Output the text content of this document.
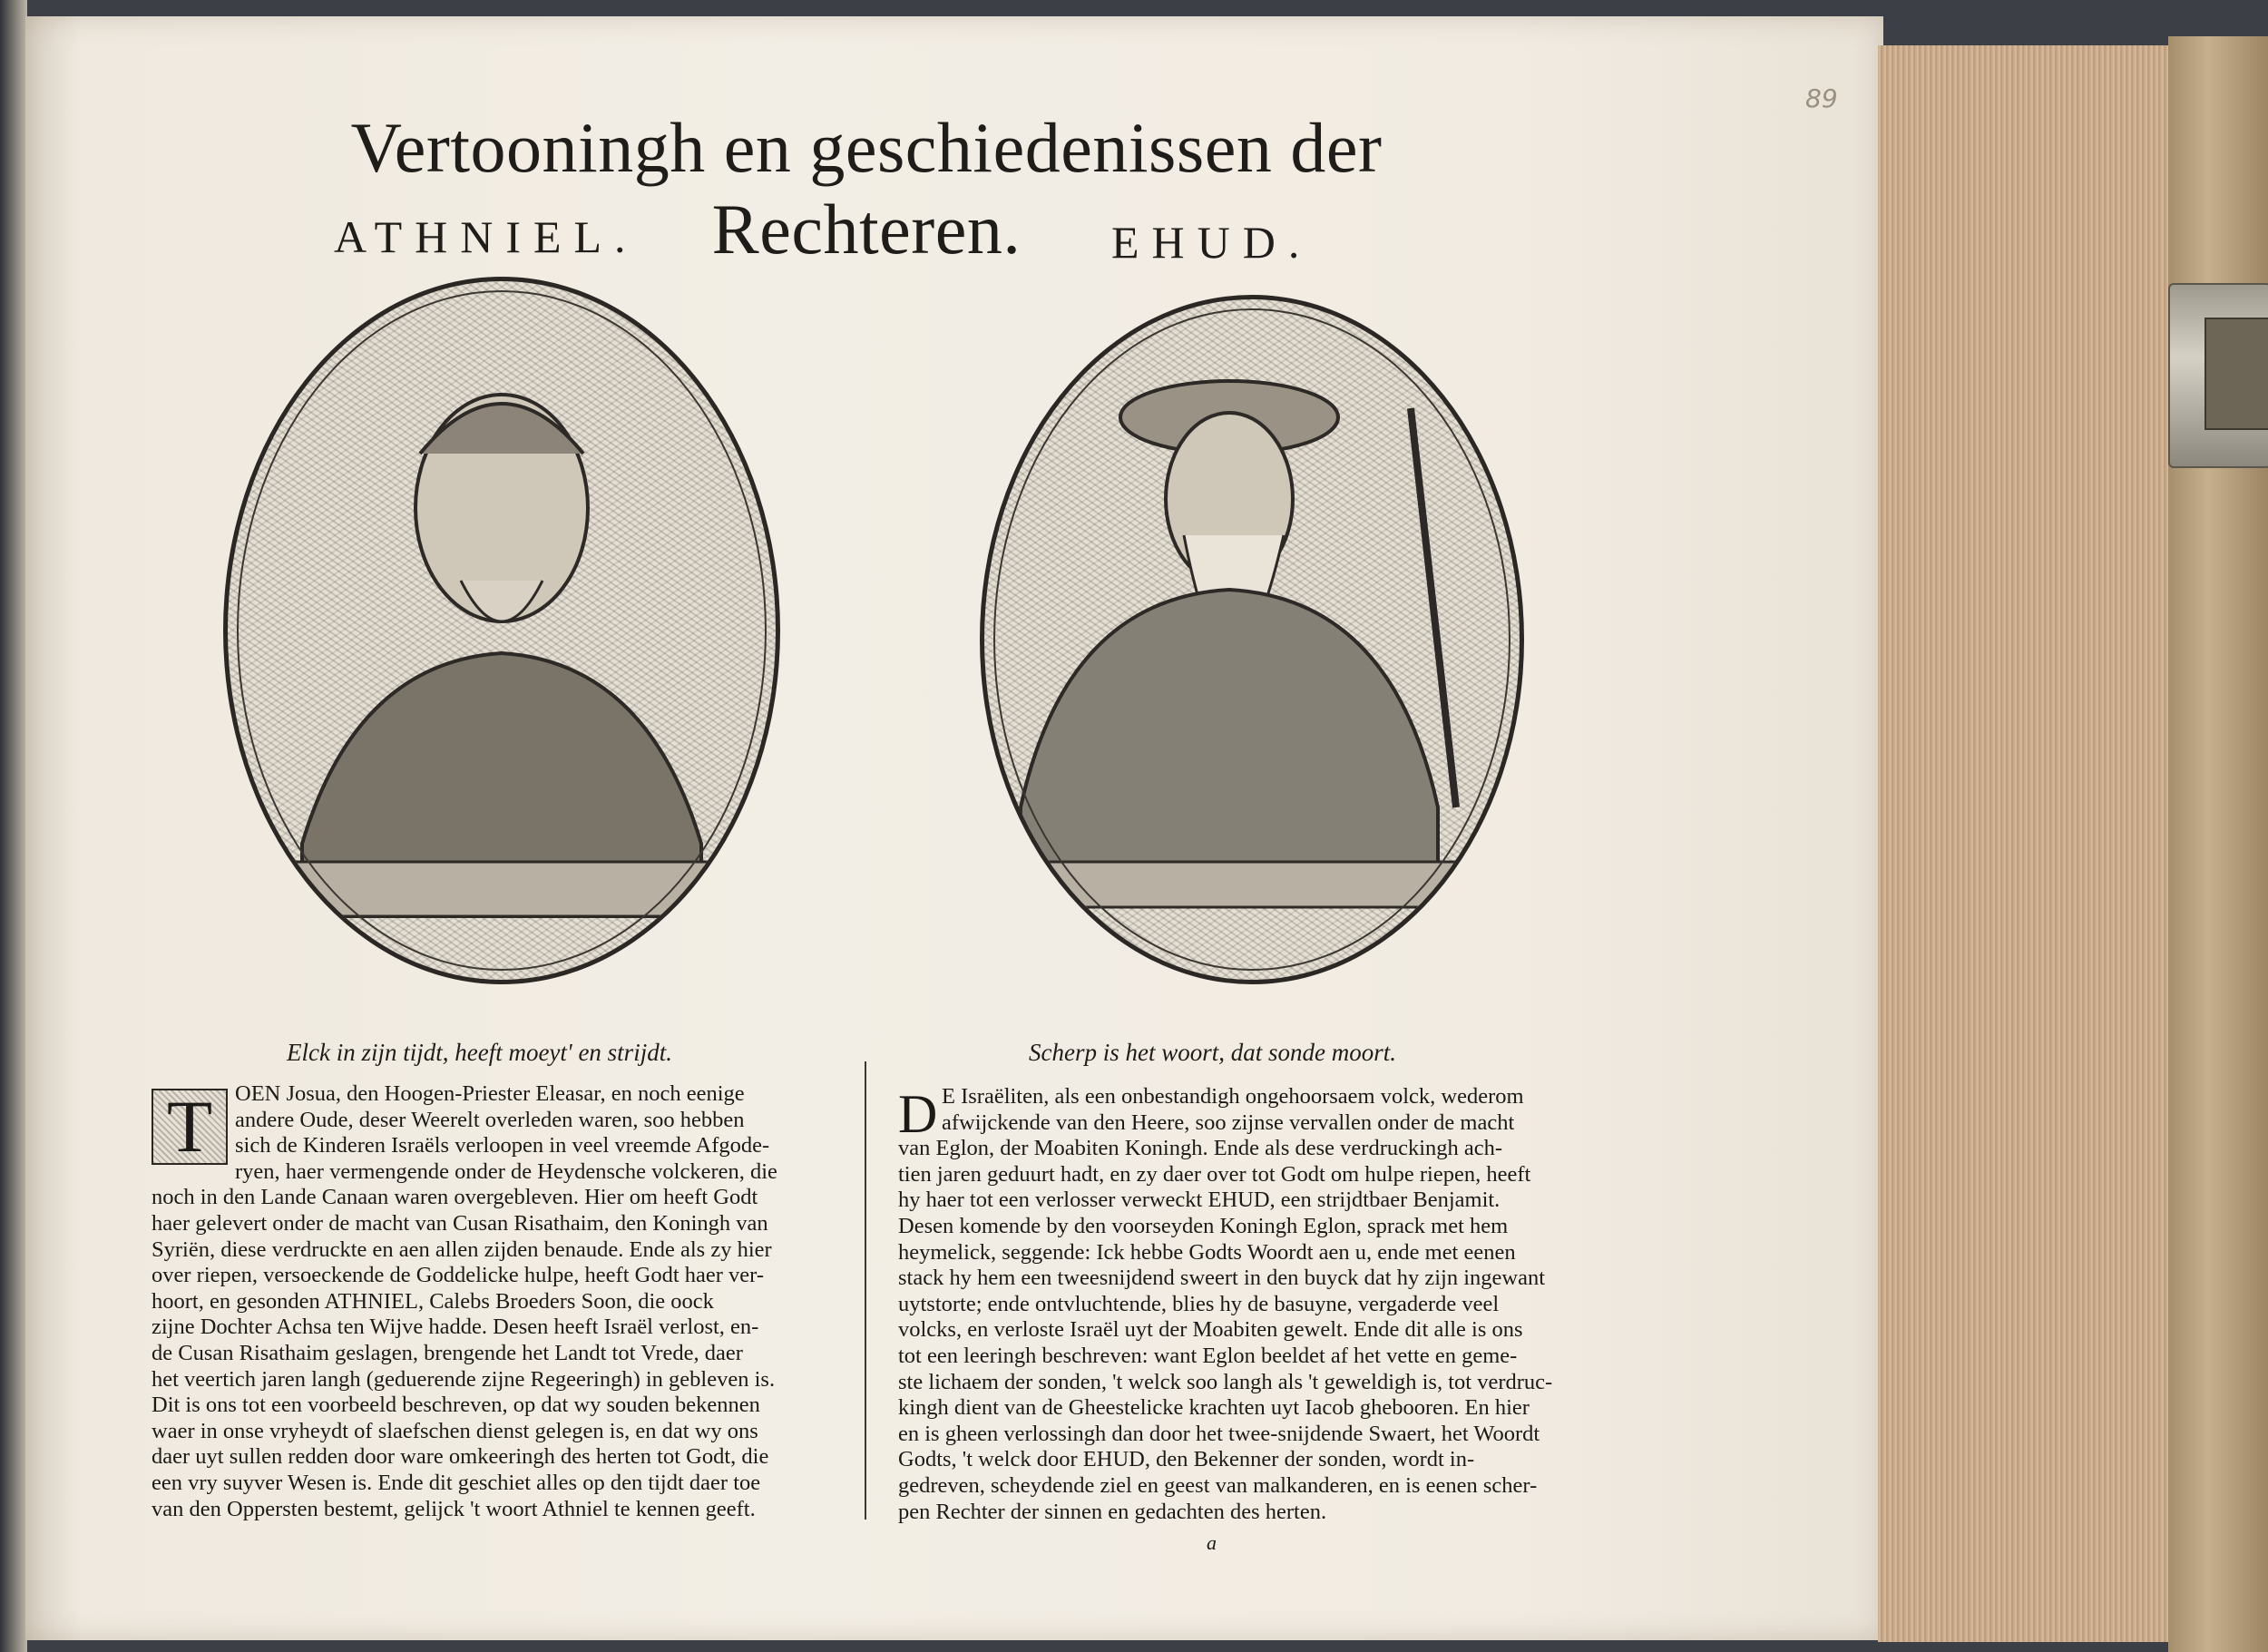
89
Vertooningh en geschiedenissen der Rechteren.
ATHNIEL.	EHUD.
Elck in zijn tijdt, heeft moeyt' en strijdt.	Scherp is het woort, dat sonde moort.
T	OEN Josua, den Hoogen-Priester Eleasar, en noch eenige
andere Oude, deser Weerelt overleden waren, soo hebben
sich de Kinderen Israëls verloopen in veel vreemde Afgode-
ryen, haer vermengende onder de Heydensche volckeren, die
noch in den Lande Canaan waren overgebleven. Hier om heeft Godt
haer gelevert onder de macht van Cusan Risathaim, den Koningh van
Syriën, diese verdruckte en aen allen zijden benaude. Ende als zy hier
over riepen, versoeckende de Goddelicke hulpe, heeft Godt haer ver-
hoort, en gesonden ATHNIEL, Calebs Broeders Soon, die oock
zijne Dochter Achsa ten Wijve hadde. Desen heeft Israël verlost, en-
de Cusan Risathaim geslagen, brengende het Landt tot Vrede, daer
het veertich jaren langh (geduerende zijne Regeeringh) in gebleven is.
Dit is ons tot een voorbeeld beschreven, op dat wy souden bekennen
waer in onse vryheydt of slaefschen dienst gelegen is, en dat wy ons
daer uyt sullen redden door ware omkeeringh des herten tot Godt, die
een vry suyver Wesen is. Ende dit geschiet alles op den tijdt daer toe
van den Oppersten bestemt, gelijck 't woort Athniel te kennen geeft.
D E Israëliten, als een onbestandigh ongehoorsaem volck, wederom
afwijckende van den Heere, soo zijnse vervallen onder de macht
van Eglon, der Moabiten Koningh. Ende als dese verdruckingh ach-
tien jaren geduurt hadt, en zy daer over tot Godt om hulpe riepen, heeft
hy haer tot een verlosser verweckt EHUD, een strijdtbaer Benjamit.
Desen komende by den voorseyden Koningh Eglon, sprack met hem
heymelick, seggende: Ick hebbe Godts Woordt aen u, ende met eenen
stack hy hem een tweesnijdend sweert in den buyck dat hy zijn ingewant
uytstorte; ende ontvluchtende, blies hy de basuyne, vergaderde veel
volcks, en verloste Israël uyt der Moabiten gewelt. Ende dit alle is ons
tot een leeringh beschreven: want Eglon beeldet af het vette en geme-
ste lichaem der sonden, 't welck soo langh als 't geweldigh is, tot verdruc-
kingh dient van de Gheestelicke krachten uyt Iacob ghebooren. En hier
en is gheen verlossingh dan door het twee-snijdende Swaert, het Woordt
Godts, 't welck door EHUD, den Bekenner der sonden, wordt in-
gedreven, scheydende ziel en geest van malkanderen, en is eenen scher-
pen Rechter der sinnen en gedachten des herten.
a
